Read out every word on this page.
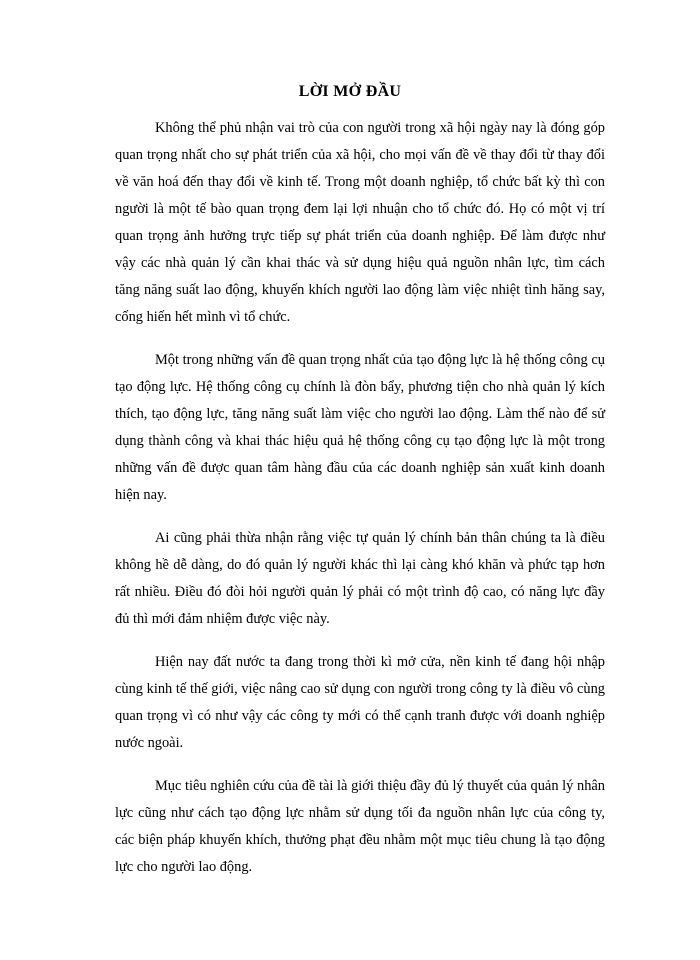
LỜI MỞ ĐẦU

Không thể phủ nhận vai trò của con người trong xã hội ngày nay là đóng góp quan trọng nhất cho sự phát triển của xã hội, cho mọi vấn đề về thay đổi từ thay đổi về văn hoá đến thay đổi về kinh tế. Trong một doanh nghiệp, tổ chức bất kỳ thì con người là một tế bào quan trọng đem lại lợi nhuận cho tổ chức đó. Họ có một vị trí quan trọng ảnh hưởng trực tiếp sự phát triển của doanh nghiệp. Để làm được như vậy các nhà quản lý cần khai thác và sử dụng hiệu quả nguồn nhân lực, tìm cách tăng năng suất lao động, khuyến khích người lao động làm việc nhiệt tình hăng say, cống hiến hết mình vì tổ chức.

Một trong những vấn đề quan trọng nhất của tạo động lực là hệ thống công cụ tạo động lực. Hệ thống công cụ chính là đòn bẩy, phương tiện cho nhà quản lý kích thích, tạo động lực, tăng năng suất làm việc cho người lao động. Làm thế nào để sử dụng thành công và khai thác hiệu quả hệ thống công cụ tạo động lực là một trong những vấn đề được quan tâm hàng đầu của các doanh nghiệp sản xuất kinh doanh hiện nay.

Ai cũng phải thừa nhận rằng việc tự quản lý chính bản thân chúng ta là điều không hề dễ dàng, do đó quản lý người khác thì lại càng khó khăn và phức tạp hơn rất nhiều. Điều đó đòi hỏi người quản lý phải có một trình độ cao, có năng lực đầy đủ thì mới đảm nhiệm được việc này.

Hiện nay đất nước ta đang trong thời kì mở cửa, nền kinh tế đang hội nhập cùng kinh tế thế giới, việc nâng cao sử dụng con người trong công ty là điều vô cùng quan trọng vì có như vậy các công ty mới có thể cạnh tranh được với doanh nghiệp nước ngoài.

Mục tiêu nghiên cứu của đề tài là giới thiệu đầy đủ lý thuyết của quản lý nhân lực cũng như cách tạo động lực nhằm sử dụng tối đa nguồn nhân lực của công ty, các biện pháp khuyến khích, thưởng phạt đều nhằm một mục tiêu chung là tạo động lực cho người lao động.
